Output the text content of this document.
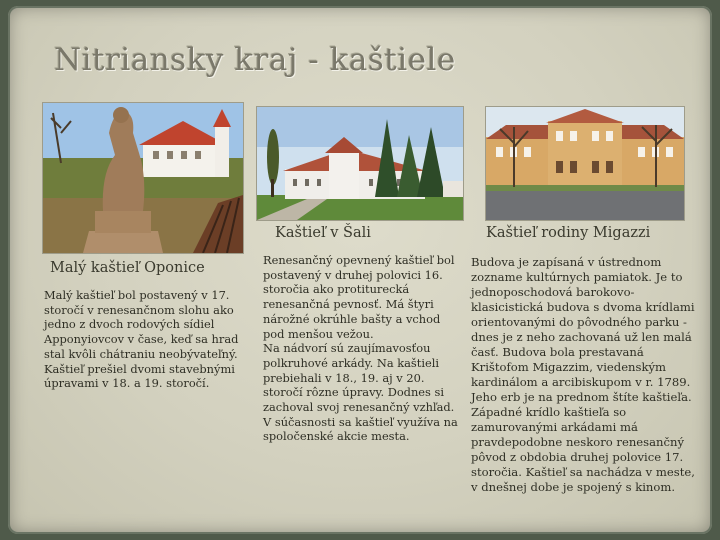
Nitriansky kraj - kaštiele

Malý kaštieľ Oponice

Kaštieľ v Šali	Kaštieľ rodiny Migazzi

Malý kaštieľ bol postavený v 17. storočí v renesančnom slohu ako jedno z dvoch rodových sídiel Apponyiovcov v čase, keď sa hrad stal kvôli chátraniu neobývateľný. Kaštieľ prešiel dvomi stavebnými úpravami v 18. a 19. storočí.
Renesančný opevnený kaštieľ bol postavený v druhej polovici 16. storočia ako protiturecká renesančná pevnosť. Má štyri nárožné okrúhle bašty a vchod pod menšou vežou.
Na nádvorí sú zaujímavosťou polkruhové arkády. Na kaštieli prebiehali v 18., 19. aj v 20. storočí rôzne úpravy. Dodnes si zachoval svoj renesančný vzhľad. V súčasnosti sa kaštieľ využíva na spoločenské akcie mesta.
Budova je zapísaná v ústrednom zozname kultúrnych pamiatok. Je to jednoposchodová barokovo-klasicistická budova s dvoma krídlami orientovanými do pôvodného parku - dnes je z neho zachovaná už len malá časť. Budova bola prestavaná Krištofom Migazzim, viedenským kardinálom a arcibiskupom v r. 1789. Jeho erb je na prednom štíte kaštieľa. Západné krídlo kaštieľa so zamurovanými arkádami má pravdepodobne neskoro renesančný pôvod z obdobia druhej polovice 17. storočia. Kaštieľ sa nachádza v meste, v dnešnej dobe je spojený s kinom.
